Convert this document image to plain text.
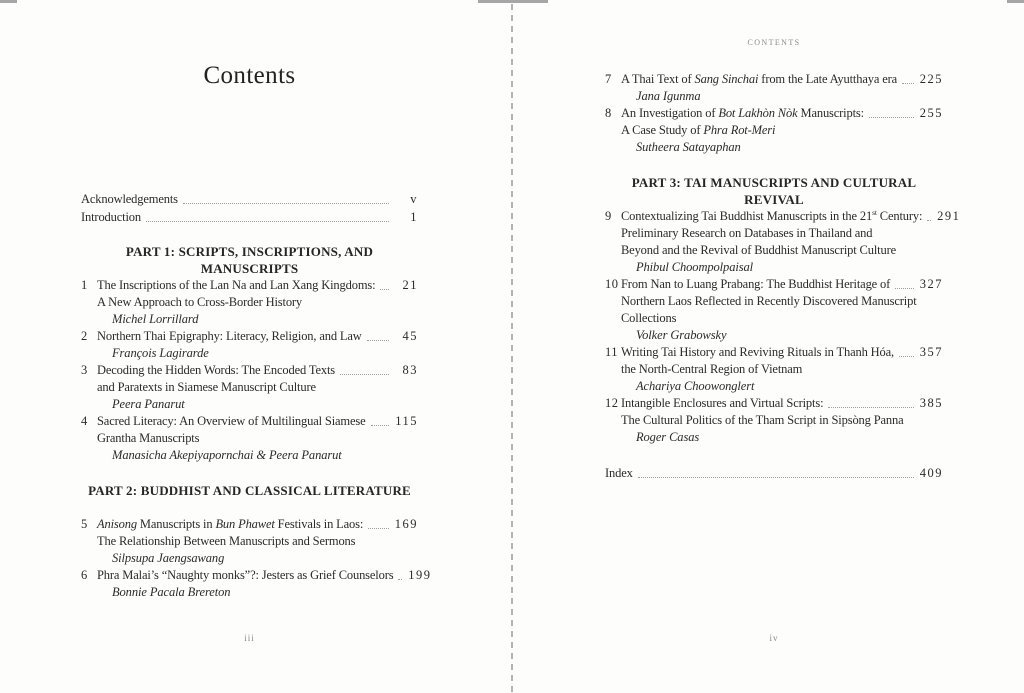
Contents
Acknowledgements	v
Introduction	1
PART 1: SCRIPTS, INSCRIPTIONS, AND MANUSCRIPTS
1 The Inscriptions of the Lan Na and Lan Xang Kingdoms:	21
A New Approach to Cross-Border History
Michel Lorrillard
2 Northern Thai Epigraphy: Literacy, Religion, and Law	45
François Lagirarde
3 Decoding the Hidden Words: The Encoded Texts	83
and Paratexts in Siamese Manuscript Culture
Peera Panarut
4 Sacred Literacy: An Overview of Multilingual Siamese 115
Grantha Manuscripts
Manasicha Akepiyapornchai & Peera Panarut
PART 2: BUDDHIST AND CLASSICAL LITERATURE
5 Anisong Manuscripts in Bun Phawet Festivals in Laos:	169
The Relationship Between Manuscripts and Sermons
Silpsupa Jaengsawang
6 Phra Malai’s “Naughty monks”?: Jesters as Grief Counselors 199
Bonnie Pacala Brereton
iii
CONTENTS
7 A Thai Text of Sang Sinchai from the Late Ayutthaya era 225
Jana Igunma
8 An Investigation of Bot Lakhòn Nòk Manuscripts:	255
A Case Study of Phra Rot-Meri
Sutheera Satayaphan
PART 3: TAI MANUSCRIPTS AND CULTURAL REVIVAL
9 Contextualizing Tai Buddhist Manuscripts in the 21st Century: 291
Preliminary Research on Databases in Thailand and
Beyond and the Revival of Buddhist Manuscript Culture
Phibul Choompolpaisal
10 From Nan to Luang Prabang: The Buddhist Heritage of 327
Northern Laos Reflected in Recently Discovered Manuscript
Collections
Volker Grabowsky
11 Writing Tai History and Reviving Rituals in Thanh Hóa, 357
the North-Central Region of Vietnam
Achariya Choowonglert
12 Intangible Enclosures and Virtual Scripts:	385
The Cultural Politics of the Tham Script in Sipsòng Panna
Roger Casas
Index	409
iv
